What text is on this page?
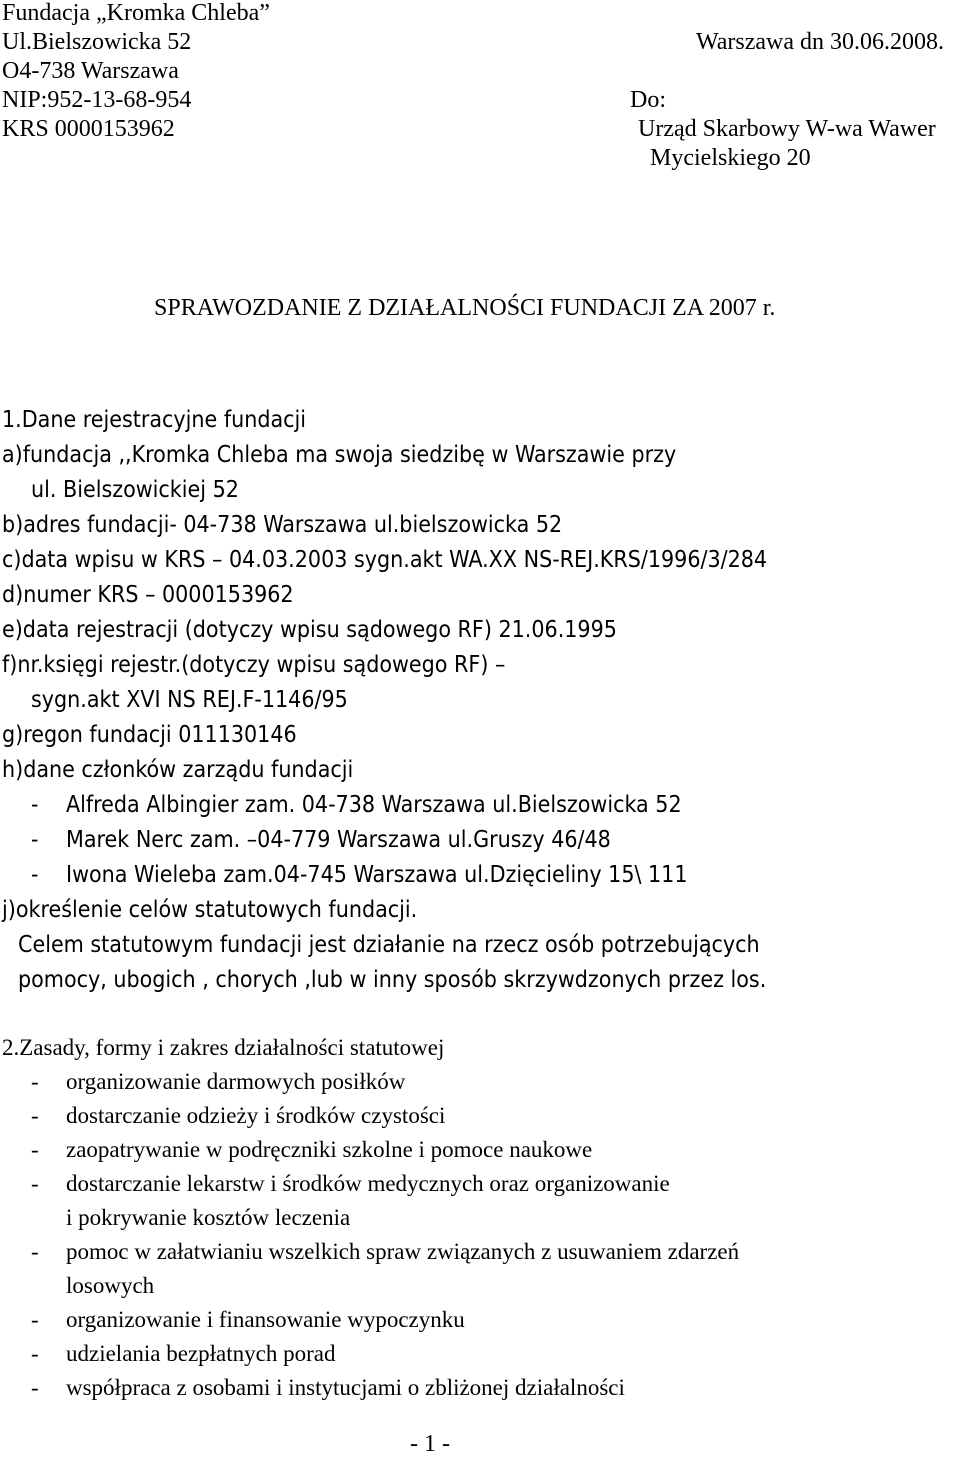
Fundacja „Kromka Chleba”
Ul.Bielszowicka 52
O4-738 Warszawa
NIP:952-13-68-954
KRS 0000153962
Warszawa dn 30.06.2008.
Do:
Urząd Skarbowy W-wa Wawer
Mycielskiego 20
SPRAWOZDANIE Z DZIAŁALNOŚCI FUNDACJI ZA 2007 r.
1.Dane rejestracyjne fundacji
a)fundacja ,,Kromka Chleba ma swoja siedzibę w Warszawie przy
ul. Bielszowickiej 52
b)adres fundacji- 04-738 Warszawa ul.bielszowicka 52
c)data wpisu w KRS – 04.03.2003 sygn.akt WA.XX NS-REJ.KRS/1996/3/284
d)numer KRS – 0000153962
e)data rejestracji (dotyczy wpisu sądowego RF) 21.06.1995
f)nr.księgi rejestr.(dotyczy wpisu sądowego RF) –
sygn.akt XVI NS REJ.F-1146/95
g)regon fundacji 011130146
h)dane członków zarządu fundacji
- Alfreda Albingier zam. 04-738 Warszawa ul.Bielszowicka 52
- Marek Nerc zam. –04-779 Warszawa ul.Gruszy 46/48
- Iwona Wieleba zam.04-745 Warszawa ul.Dzięcieliny 15\ 111
j)określenie celów statutowych fundacji.
Celem statutowym fundacji jest działanie na rzecz osób potrzebujących
pomocy, ubogich , chorych ,lub w inny sposób skrzywdzonych przez los.
2.Zasady, formy i zakres działalności statutowej
- organizowanie darmowych posiłków
- dostarczanie odzieży i środków czystości
- zaopatrywanie w podręczniki szkolne i pomoce naukowe
- dostarczanie lekarstw i środków medycznych oraz organizowanie
i pokrywanie kosztów leczenia
- pomoc w załatwianiu wszelkich spraw związanych z usuwaniem zdarzeń
losowych
- organizowanie i finansowanie wypoczynku
- udzielania bezpłatnych porad
- współpraca z osobami i instytucjami o zbliżonej działalności
- 1 -
